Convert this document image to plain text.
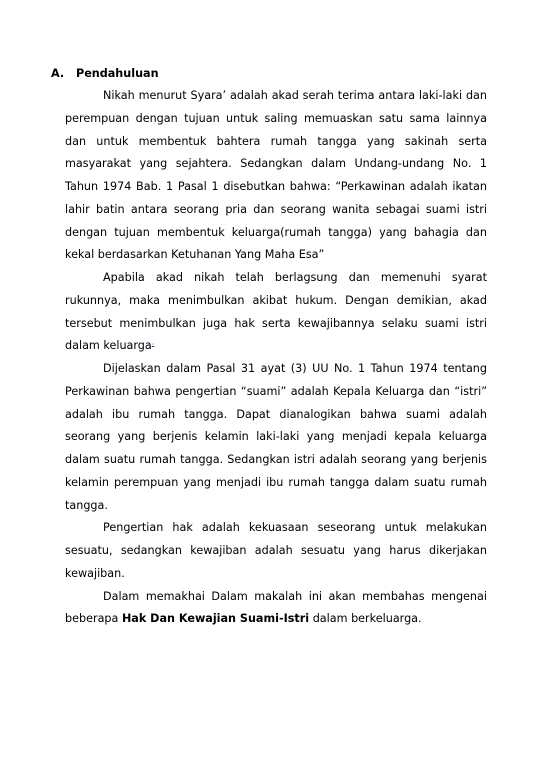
A. Pendahuluan

Nikah menurut Syara’ adalah akad serah terima antara laki-laki dan perempuan dengan tujuan untuk saling memuaskan satu sama lainnya dan untuk membentuk bahtera rumah tangga yang sakinah serta masyarakat yang sejahtera. Sedangkan dalam Undang-undang No. 1 Tahun 1974 Bab. 1 Pasal 1 disebutkan bahwa: “Perkawinan adalah ikatan lahir batin antara seorang pria dan seorang wanita sebagai suami istri dengan tujuan membentuk keluarga(rumah tangga) yang bahagia dan kekal berdasarkan Ketuhanan Yang Maha Esa”

Apabila akad nikah telah berlagsung dan memenuhi syarat rukunnya, maka menimbulkan akibat hukum. Dengan demikian, akad tersebut menimbulkan juga hak serta kewajibannya selaku suami istri dalam keluarga.

Dijelaskan dalam Pasal 31 ayat (3) UU No. 1 Tahun 1974 tentang Perkawinan bahwa pengertian “suami” adalah Kepala Keluarga dan “istri” adalah ibu rumah tangga. Dapat dianalogikan bahwa suami adalah seorang yang berjenis kelamin laki-laki yang menjadi kepala keluarga dalam suatu rumah tangga. Sedangkan istri adalah seorang yang berjenis kelamin perempuan yang menjadi ibu rumah tangga dalam suatu rumah tangga.

Pengertian hak adalah kekuasaan seseorang untuk melakukan sesuatu, sedangkan kewajiban adalah sesuatu yang harus dikerjakan kewajiban.

Dalam memakhai Dalam makalah ini akan membahas mengenai beberapa Hak Dan Kewajian Suami-Istri dalam berkeluarga.
